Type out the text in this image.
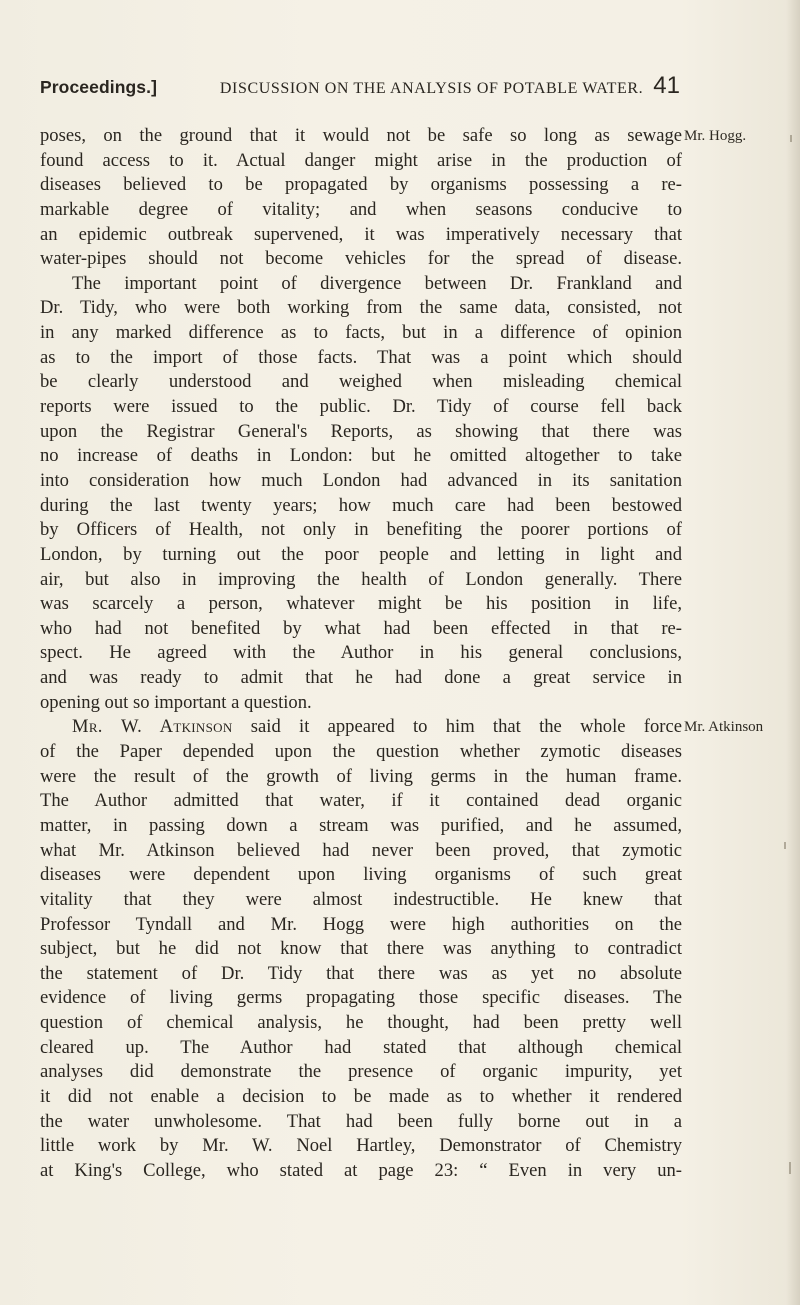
Proceedings.]	DISCUSSION ON THE ANALYSIS OF POTABLE WATER. 41
Mr. Hogg.
Mr. Atkinson
poses, on the ground that it would not be safe so long as sewage
found access to it. Actual danger might arise in the production of
diseases believed to be propagated by organisms possessing a re-
markable degree of vitality; and when seasons conducive to
an epidemic outbreak supervened, it was imperatively necessary that
water-pipes should not become vehicles for the spread of disease.
The important point of divergence between Dr. Frankland and
Dr. Tidy, who were both working from the same data, consisted, not
in any marked difference as to facts, but in a difference of opinion
as to the import of those facts. That was a point which should
be clearly understood and weighed when misleading chemical
reports were issued to the public. Dr. Tidy of course fell back
upon the Registrar General's Reports, as showing that there was
no increase of deaths in London: but he omitted altogether to take
into consideration how much London had advanced in its sanitation
during the last twenty years; how much care had been bestowed
by Officers of Health, not only in benefiting the poorer portions of
London, by turning out the poor people and letting in light and
air, but also in improving the health of London generally. There
was scarcely a person, whatever might be his position in life,
who had not benefited by what had been effected in that re-
spect. He agreed with the Author in his general conclusions,
and was ready to admit that he had done a great service in
opening out so important a question.
Mr. W. Atkinson said it appeared to him that the whole force
of the Paper depended upon the question whether zymotic diseases
were the result of the growth of living germs in the human frame.
The Author admitted that water, if it contained dead organic
matter, in passing down a stream was purified, and he assumed,
what Mr. Atkinson believed had never been proved, that zymotic
diseases were dependent upon living organisms of such great
vitality that they were almost indestructible. He knew that
Professor Tyndall and Mr. Hogg were high authorities on the
subject, but he did not know that there was anything to contradict
the statement of Dr. Tidy that there was as yet no absolute
evidence of living germs propagating those specific diseases. The
question of chemical analysis, he thought, had been pretty well
cleared up. The Author had stated that although chemical
analyses did demonstrate the presence of organic impurity, yet
it did not enable a decision to be made as to whether it rendered
the water unwholesome. That had been fully borne out in a
little work by Mr. W. Noel Hartley, Demonstrator of Chemistry
at King's College, who stated at page 23: “ Even in very un-
